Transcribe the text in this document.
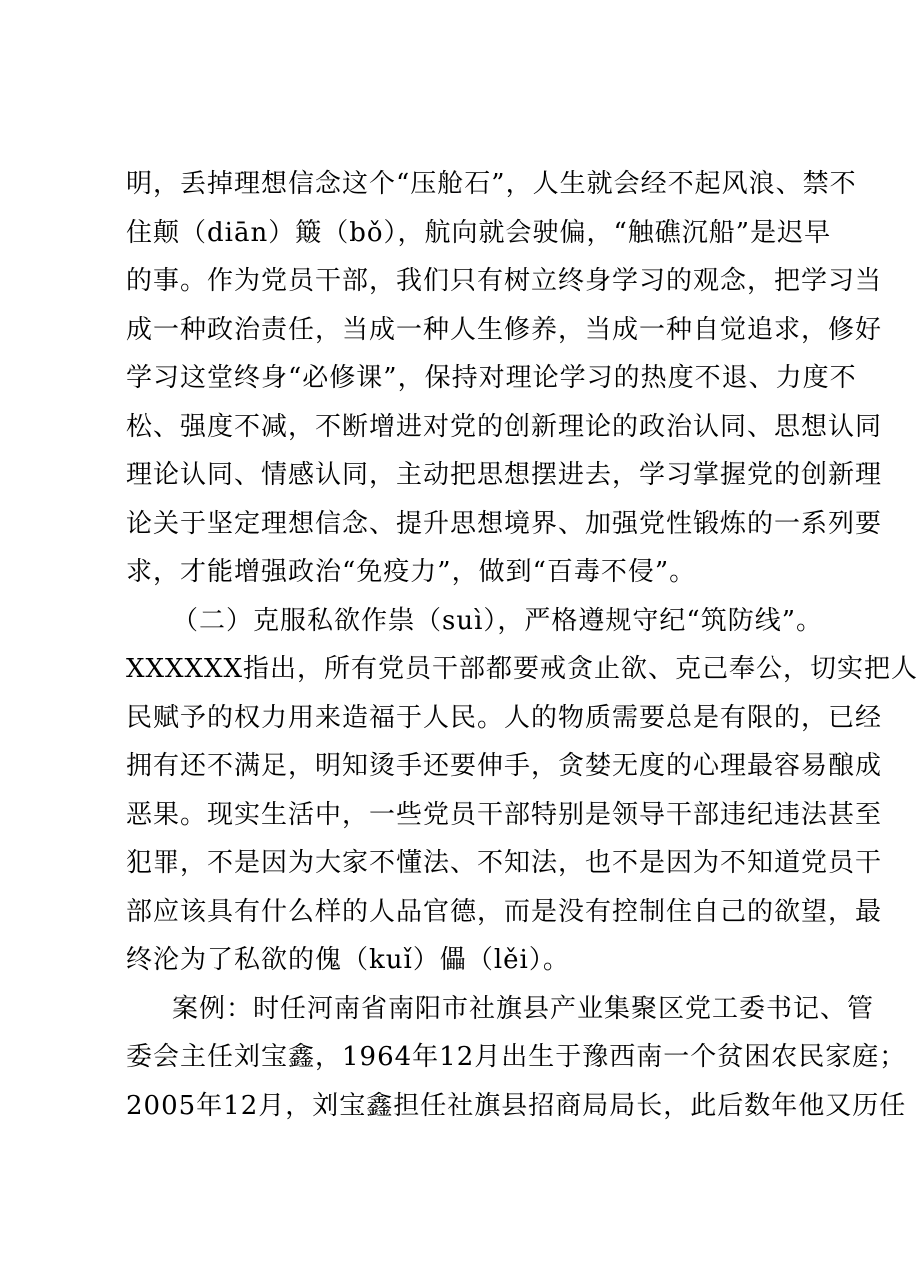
明，丢掉理想信念这个“压舱石”，人生就会经不起风浪、禁不
住颠（diān）簸（bǒ），航向就会驶偏，“触礁沉船”是迟早
的事。作为党员干部，我们只有树立终身学习的观念，把学习当
成一种政治责任，当成一种人生修养，当成一种自觉追求，修好
学习这堂终身“必修课”，保持对理论学习的热度不退、力度不
松、强度不减，不断增进对党的创新理论的政治认同、思想认同
理论认同、情感认同，主动把思想摆进去，学习掌握党的创新理
论关于坚定理想信念、提升思想境界、加强党性锻炼的一系列要
求，才能增强政治“免疫力”，做到“百毒不侵”。
（二）克服私欲作祟（suì），严格遵规守纪“筑防线”。
XXXXXX指出，所有党员干部都要戒贪止欲、克己奉公，切实把人
民赋予的权力用来造福于人民。人的物质需要总是有限的，已经
拥有还不满足，明知烫手还要伸手，贪婪无度的心理最容易酿成
恶果。现实生活中，一些党员干部特别是领导干部违纪违法甚至
犯罪，不是因为大家不懂法、不知法，也不是因为不知道党员干
部应该具有什么样的人品官德，而是没有控制住自己的欲望，最
终沦为了私欲的傀（kuǐ）儡（lěi）。
案例：时任河南省南阳市社旗县产业集聚区党工委书记、管
委会主任刘宝鑫，1964年12月出生于豫西南一个贫困农民家庭；
2005年12月，刘宝鑫担任社旗县招商局局长，此后数年他又历任
